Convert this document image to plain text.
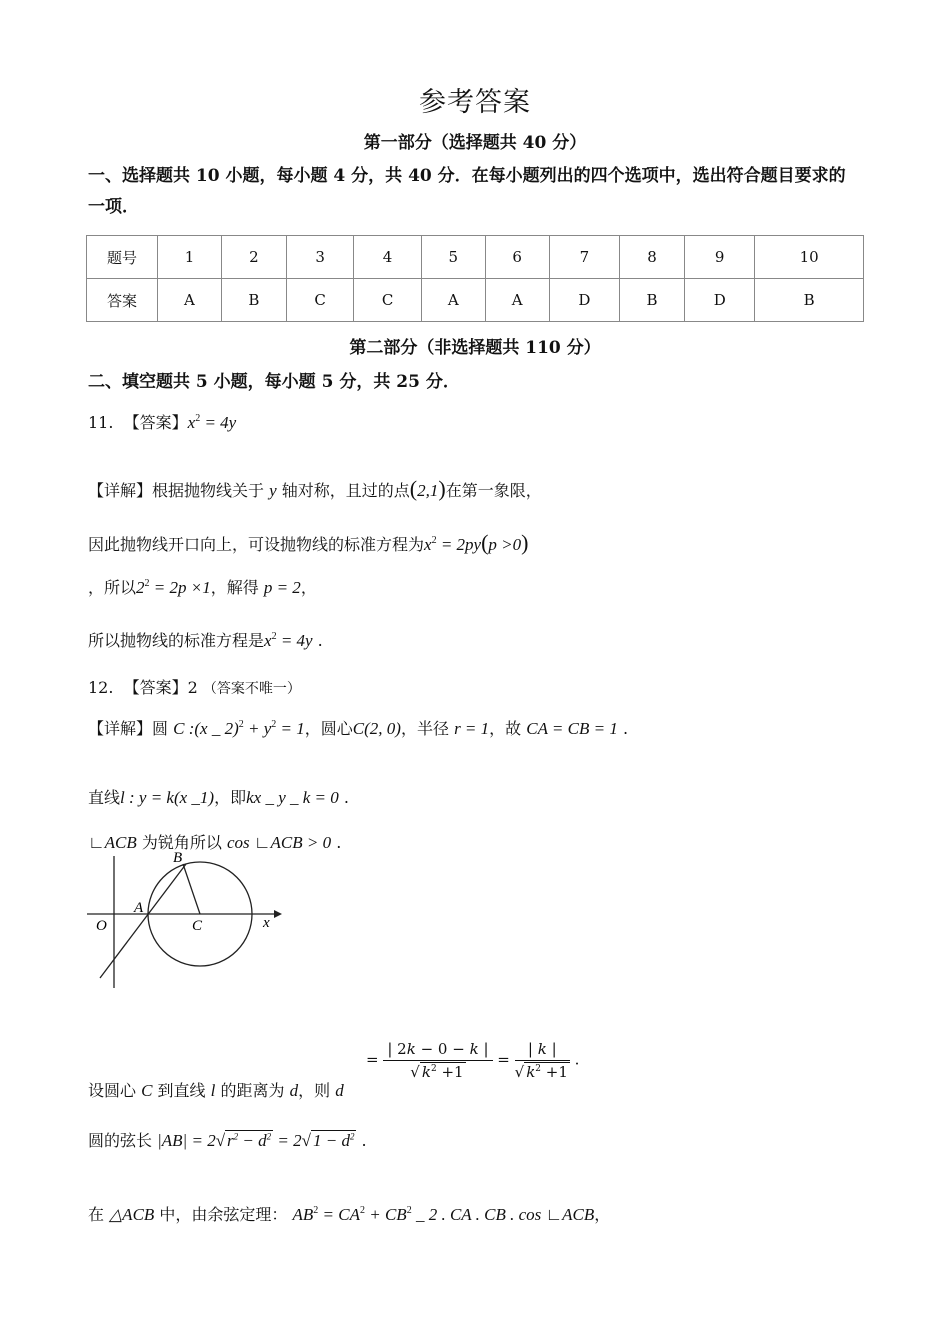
参考答案
第一部分（选择题共 40 分）
一、选择题共 10 小题，每小题 4 分，共 40 分．在每小题列出的四个选项中，选出符合题目要求的一项．
题号	1	2	3	4	5	6	7	8	9	10
答案	A	B	C	C	A	A	D	B	D	B
第二部分（非选择题共 110 分）
二、填空题共 5 小题，每小题 5 分，共 25 分．
11. 【答案】$x^2 = 4y$
【详解】根据抛物线关于 y 轴对称，且过的点(2,1)在第一象限，
因此抛物线开口向上，可设抛物线的标准方程为$x^2 = 2py(p >0)$
，所以$2^2 = 2p \times 1$，解得 p = 2，
所以抛物线的标准方程是$x^2 = 4y$ .
12. 【答案】2 （答案不唯一）
【详解】圆 C :(x _ $2)^2 + y^2 = 1$，圆心C(2, 0)，半径 r = 1，故 CA = CB = 1 .
直线l : y = k(x _1)，即kx _ y _ k = 0 .
∟ACB 为锐角所以 cos ∟ACB > 0 .
B
A
O	C	x
设圆心 C 到直线 l 的距离为 d，则 d
= $\frac{| 2k - 0 - k |}{√ k^2 +1} = \frac{| k |}{√ k^2 +1}$ .
圆的弦长 |AB| = 2√ $r^2 - d^2 = 2√$ $1 - d^2$ .
在 △ACB 中，由余弦定理： $AB^2 = CA^2 + CB^2$ _ 2 . CA . CB . cos ∟ACB，
